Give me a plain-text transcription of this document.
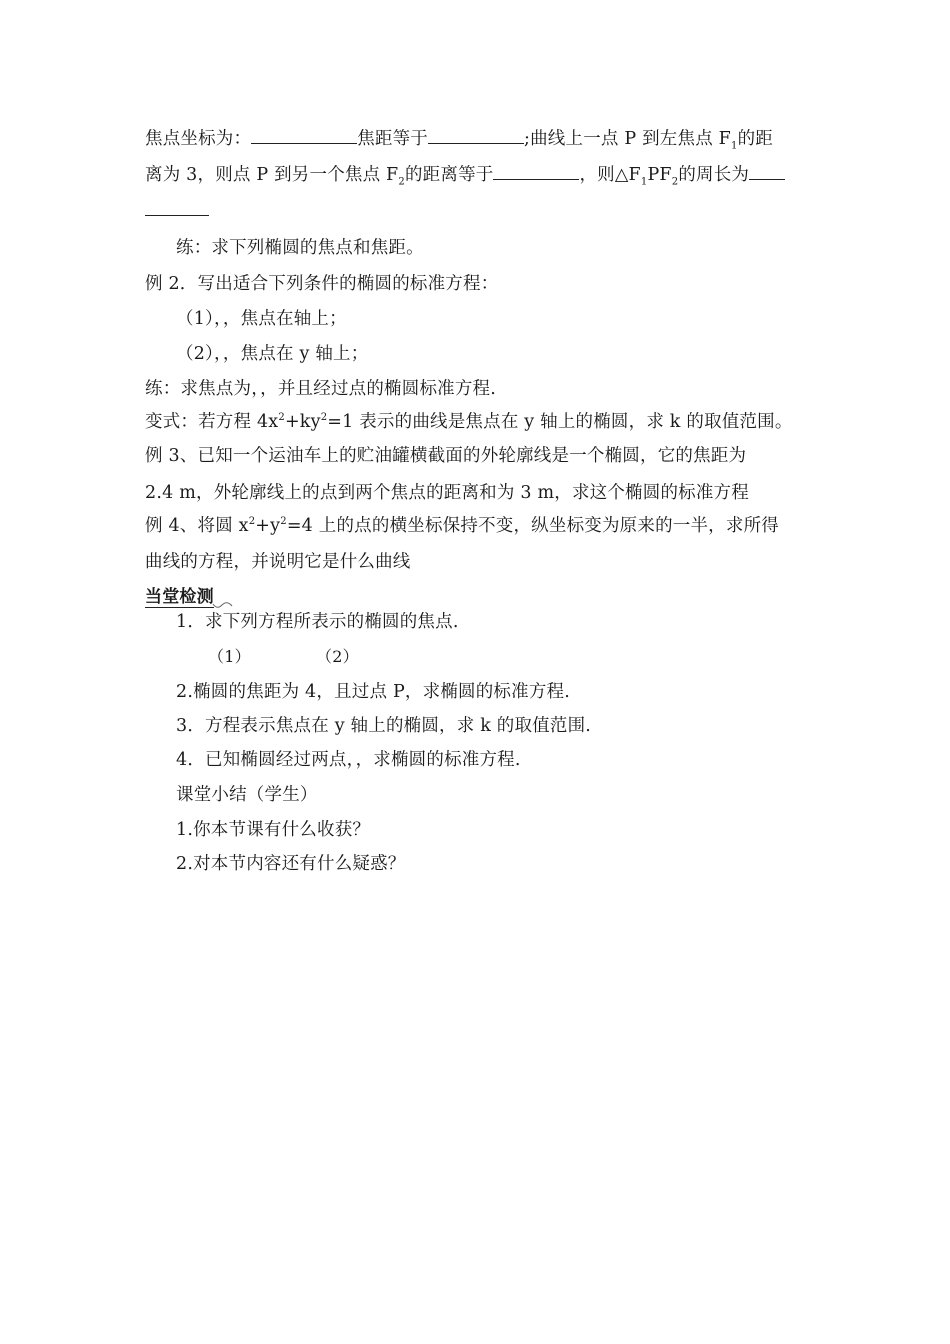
焦点坐标为：	焦距等于	;曲线上一点 P 到左焦点 $F_1$的距
离为 3，则点 P 到另一个焦点 $F_2$的距离等于	，则$\triangle F_1PF_2$的周长为
练：求下列椭圆的焦点和焦距。
例 2．写出适合下列条件的椭圆的标准方程：
（1），，焦点在轴上；
（2），，焦点在 y 轴上；
练：求焦点为，，并且经过点的椭圆标准方程.
变式：若方程 $4x^2+ky^2=1$ 表示的曲线是焦点在 y 轴上的椭圆，求 k 的取值范围。
例 3、已知一个运油车上的贮油罐横截面的外轮廓线是一个椭圆，它的焦距为
2.4 m，外轮廓线上的点到两个焦点的距离和为 3 m，求这个椭圆的标准方程
例 4、将圆 $x^2+y^2=4$ 上的点的横坐标保持不变，纵坐标变为原来的一半，求所得
曲线的方程，并说明它是什么曲线
当堂检测
1．求下列方程所表示的椭圆的焦点.
（1）	（2）
2.椭圆的焦距为 4，且过点 P，求椭圆的标准方程.
3．方程表示焦点在 y 轴上的椭圆，求 k 的取值范围.
4．已知椭圆经过两点，，求椭圆的标准方程.
课堂小结（学生）
1.你本节课有什么收获？
2.对本节内容还有什么疑惑？
